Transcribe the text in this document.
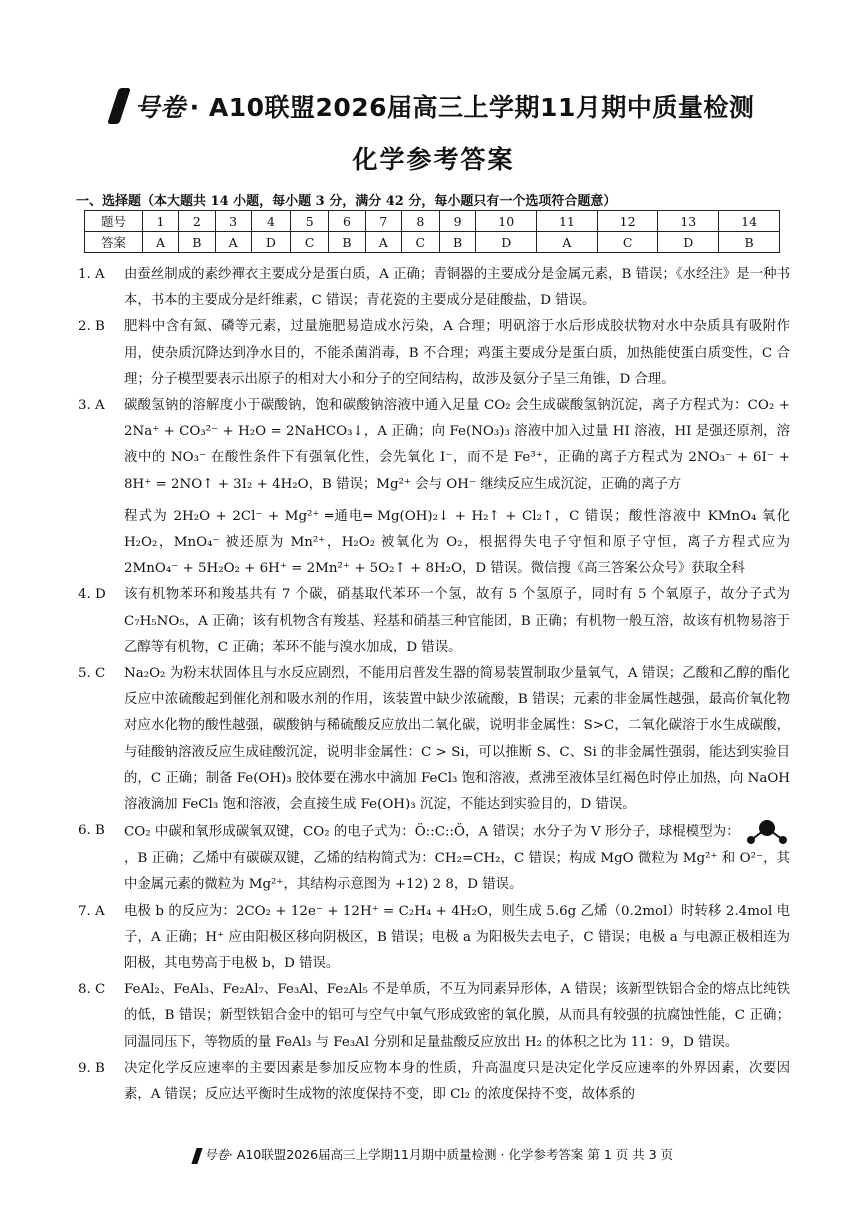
号卷 · A10联盟2026届高三上学期11月期中质量检测
化学参考答案
一、选择题（本大题共 14 小题，每小题 3 分，满分 42 分，每小题只有一个选项符合题意）
题号	1	2	3	4	5	6	7	8	9	10	11	12	13	14
答案	A	B	A	D	C	B	A	C	B	D	A	C	D	B
1. A	由蚕丝制成的素纱襌衣主要成分是蛋白质，A 正确；青铜器的主要成分是金属元素，B 错误；《水经注》是一种书本，书本的主要成分是纤维素，C 错误；青花瓷的主要成分是硅酸盐，D 错误。

2. B	肥料中含有氮、磷等元素，过量施肥易造成水污染，A 合理；明矾溶于水后形成胶状物对水中杂质具有吸附作用，使杂质沉降达到净水目的，不能杀菌消毒，B 不合理；鸡蛋主要成分是蛋白质，加热能使蛋白质变性，C 合理；分子模型要表示出原子的相对大小和分子的空间结构，故涉及氨分子呈三角锥，D 合理。

3. A	碳酸氢钠的溶解度小于碳酸钠，饱和碳酸钠溶液中通入足量 CO₂ 会生成碳酸氢钠沉淀，离子方程式为：CO₂ + 2Na⁺ + CO₃²⁻ + H₂O = 2NaHCO₃↓，A 正确；向 Fe(NO₃)₃ 溶液中加入过量 HI 溶液，HI 是强还原剂，溶液中的 NO₃⁻ 在酸性条件下有强氧化性，会先氧化 I⁻，而不是 Fe³⁺，正确的离子方程式为 2NO₃⁻ + 6I⁻ + 8H⁺ = 2NO↑ + 3I₂ + 4H₂O，B 错误；Mg²⁺ 会与 OH⁻ 继续反应生成沉淀，正确的离子方

程式为 2H₂O + 2Cl⁻ + Mg²⁺ ═通电═ Mg(OH)₂↓ + H₂↑ + Cl₂↑，C 错误；酸性溶液中 KMnO₄ 氧化 H₂O₂，MnO₄⁻ 被还原为 Mn²⁺，H₂O₂ 被氧化为 O₂，根据得失电子守恒和原子守恒，离子方程式应为 2MnO₄⁻ + 5H₂O₂ + 6H⁺ = 2Mn²⁺ + 5O₂↑ + 8H₂O，D 错误。微信搜《高三答案公众号》获取全科

4. D	该有机物苯环和羧基共有 7 个碳，硝基取代苯环一个氢，故有 5 个氢原子，同时有 5 个氧原子，故分子式为 C₇H₅NO₅，A 正确；该有机物含有羧基、羟基和硝基三种官能团，B 正确；有机物一般互溶，故该有机物易溶于乙醇等有机物，C 正确；苯环不能与溴水加成，D 错误。

5. C	Na₂O₂ 为粉末状固体且与水反应剧烈，不能用启普发生器的简易装置制取少量氧气，A 错误；乙酸和乙醇的酯化反应中浓硫酸起到催化剂和吸水剂的作用，该装置中缺少浓硫酸，B 错误；元素的非金属性越强，最高价氧化物对应水化物的酸性越强，碳酸钠与稀硫酸反应放出二氧化碳，说明非金属性：S>C，二氧化碳溶于水生成碳酸，与硅酸钠溶液反应生成硅酸沉淀，说明非金属性：C > Si，可以推断 S、C、Si 的非金属性强弱，能达到实验目的，C 正确；制备 Fe(OH)₃ 胶体要在沸水中滴加 FeCl₃ 饱和溶液，煮沸至液体呈红褐色时停止加热，向 NaOH 溶液滴加 FeCl₃ 饱和溶液，会直接生成 Fe(OH)₃ 沉淀，不能达到实验目的，D 错误。

6. B	CO₂ 中碳和氧形成碳氧双键，CO₂ 的电子式为：Ö::C::Ö，A 错误；水分子为 V 形分子，球棍模型为：  ，B 正确；乙烯中有碳碳双键，乙烯的结构简式为：CH₂=CH₂，C 错误；构成 MgO 微粒为 Mg²⁺ 和 O²⁻，其中金属元素的微粒为 Mg²⁺，其结构示意图为 +12) 2 8，D 错误。

7. A	电极 b 的反应为：2CO₂ + 12e⁻ + 12H⁺ = C₂H₄ + 4H₂O，则生成 5.6g 乙烯（0.2mol）时转移 2.4mol 电子，A 正确；H⁺ 应由阳极区移向阴极区，B 错误；电极 a 为阳极失去电子，C 错误；电极 a 与电源正极相连为阳极，其电势高于电极 b，D 错误。

8. C	FeAl₂、FeAl₃、Fe₂Al₇、Fe₃Al、Fe₂Al₅ 不是单质，不互为同素异形体，A 错误；该新型铁铝合金的熔点比纯铁的低，B 错误；新型铁铝合金中的铝可与空气中氧气形成致密的氧化膜，从而具有较强的抗腐蚀性能，C 正确；同温同压下，等物质的量 FeAl₃ 与 Fe₃Al 分别和足量盐酸反应放出 H₂ 的体积之比为 11：9，D 错误。

9. B	决定化学反应速率的主要因素是参加反应物本身的性质，升高温度只是决定化学反应速率的外界因素，次要因素，A 错误；反应达平衡时生成物的浓度保持不变，即 Cl₂ 的浓度保持不变，故体系的

号卷· A10联盟2026届高三上学期11月期中质量检测 · 化学参考答案 第 1 页 共 3 页
